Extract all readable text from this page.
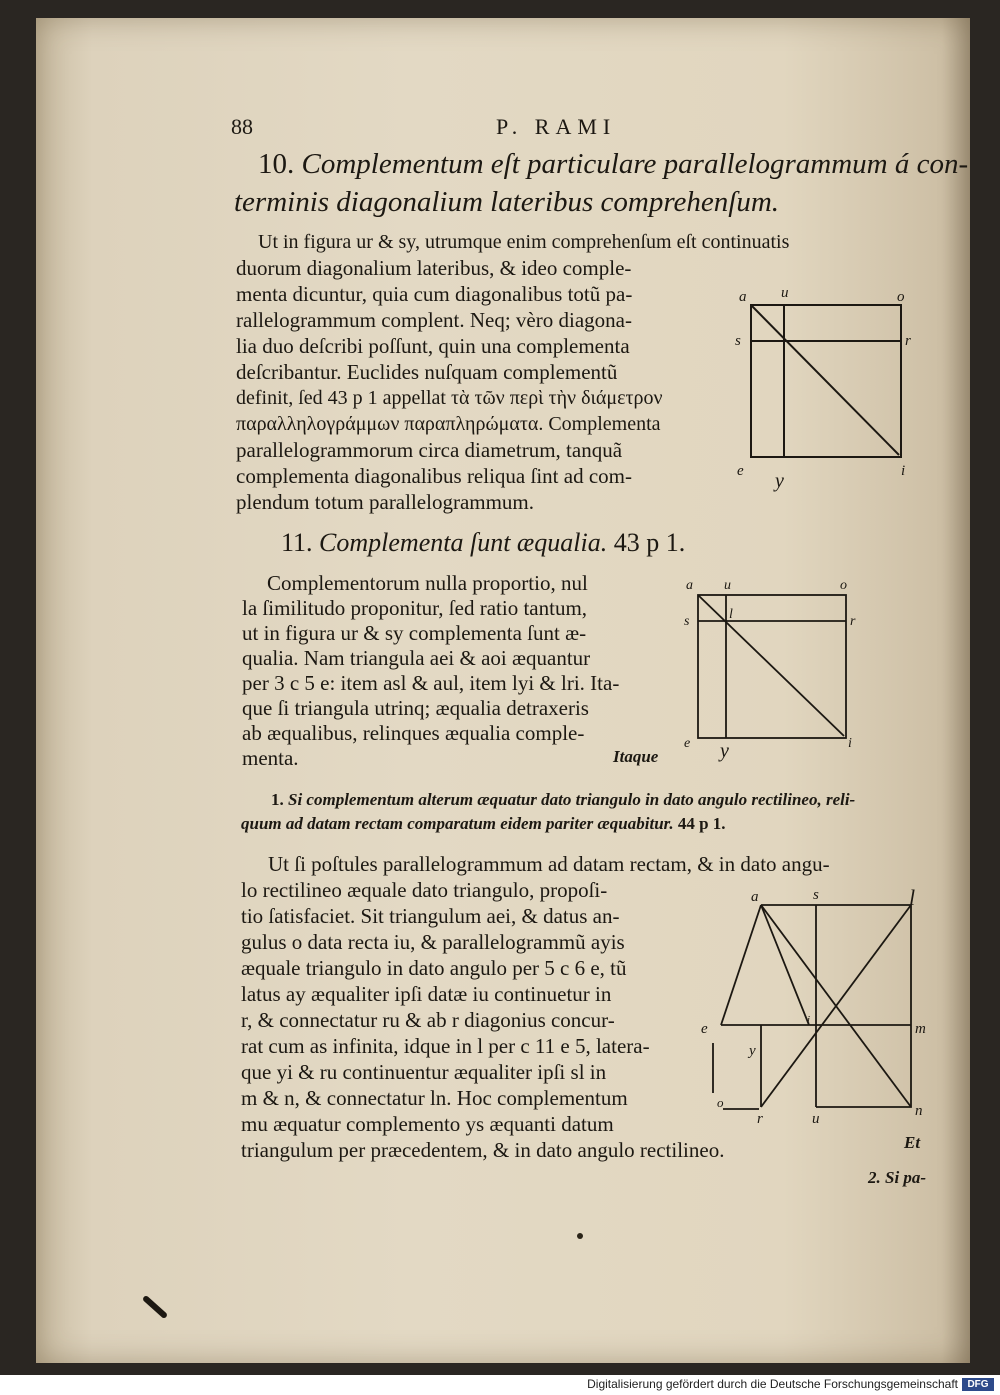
88	P. RAMI
10. Complementum eſt particulare parallelogrammum á con-
terminis diagonalium lateribus comprehenſum.
Ut in figura ur & sy, utrumque enim comprehenſum eſt continuatis
duorum diagonalium lateribus, & ideo comple-
menta dicuntur, quia cum diagonalibus totũ pa-
rallelogrammum complent. Neq; vèro diagona-
lia duo deſcribi poſſunt, quin una complementa
deſcribantur. Euclides nuſquam complementũ
definit, ſed 43 p 1 appellat τὰ τῶν περὶ τὴν διάμετρον
παραλληλογράμμων παραπληρώματα. Complementa
parallelogrammorum circa diametrum, tanquã
complementa diagonalibus reliqua ſint ad com-
plendum totum parallelogrammum.
a u	o
s	r
e y	i
11. Complementa ſunt æqualia. 43 p 1.
Complementorum nulla proportio, nul
la ſimilitudo proponitur, ſed ratio tantum,
ut in figura ur & sy complementa ſunt æ-
qualia. Nam triangula aei & aoi æquantur
per 3 c 5 e: item asl & aul, item lyi & lri. Ita-
que ſi triangula utrinq; æqualia detraxeris
ab æqualibus, relinques æqualia comple-
menta.	Itaque
a u	o
s	l	r
e y	i
1. Si complementum alterum æquatur dato triangulo in dato angulo rectilineo, reli-
quum ad datam rectam comparatum eidem pariter æquabitur. 44 p 1.
Ut ſi poſtules parallelogrammum ad datam rectam, & in dato angu-
lo rectilineo æquale dato triangulo, propoſi-
tio ſatisfaciet. Sit triangulum aei, & datus an-
gulus o data recta iu, & parallelogrammũ ayis
æquale triangulo in dato angulo per 5 c 6 e, tũ
latus ay æqualiter ipſi datæ iu continuetur in
r, & connectatur ru & ab r diagonius concur-
rat cum as infinita, idque in l per c 11 e 5, latera-
que yi & ru continuentur æqualiter ipſi sl in
m & n, & connectatur ln. Hoc complementum
mu æquatur complemento ys æquanti datum
triangulum per præcedentem, & in dato angulo rectilineo.	Et
2. Si pa-
a	s	l
e
i
m
y
o
r	u	n
Digitalisierung gefördert durch die Deutsche Forschungsgemeinschaft DFG
